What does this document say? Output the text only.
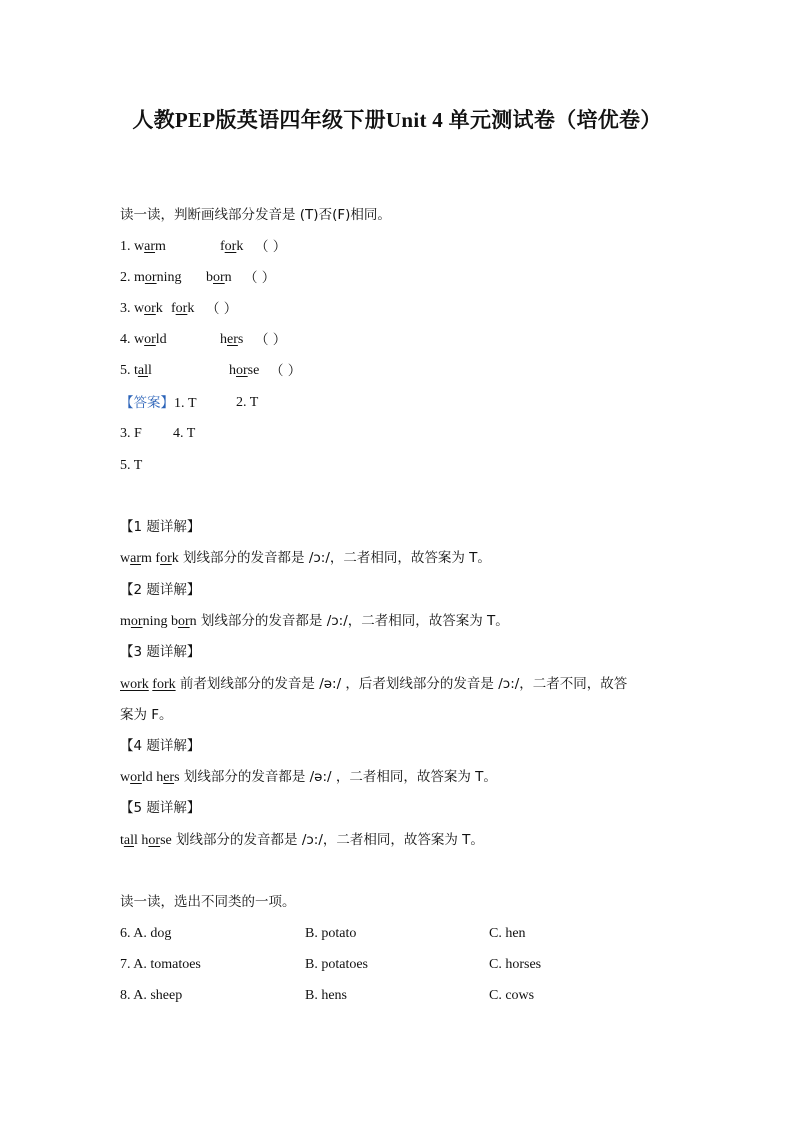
人教PEP版英语四年级下册Unit 4 单元测试卷（培优卷）
读一读，判断画线部分发音是 (T)否(F)相同。
1. warm	fork （ ）
2. morning born （ ）
3. work fork （ ）
4. world	hers （ ）
5. tall	horse （ ）
【答案】1. T	2. T
3. F 4. T
5. T
【1 题详解】
warm fork 划线部分的发音都是 /ɔ:/，二者相同，故答案为 T。
【2 题详解】
morning born 划线部分的发音都是 /ɔ:/，二者相同，故答案为 T。
【3 题详解】
work fork 前者划线部分的发音是 /ə:/ ，后者划线部分的发音是 /ɔ:/，二者不同，故答
案为 F。
【4 题详解】
world hers 划线部分的发音都是 /ə:/ ，二者相同，故答案为 T。
【5 题详解】
tall horse 划线部分的发音都是 /ɔ:/，二者相同，故答案为 T。
读一读，选出不同类的一项。
6. A. dog	B. potato	C. hen
7. A. tomatoes	B. potatoes	C. horses
8. A. sheep	B. hens	C. cows
